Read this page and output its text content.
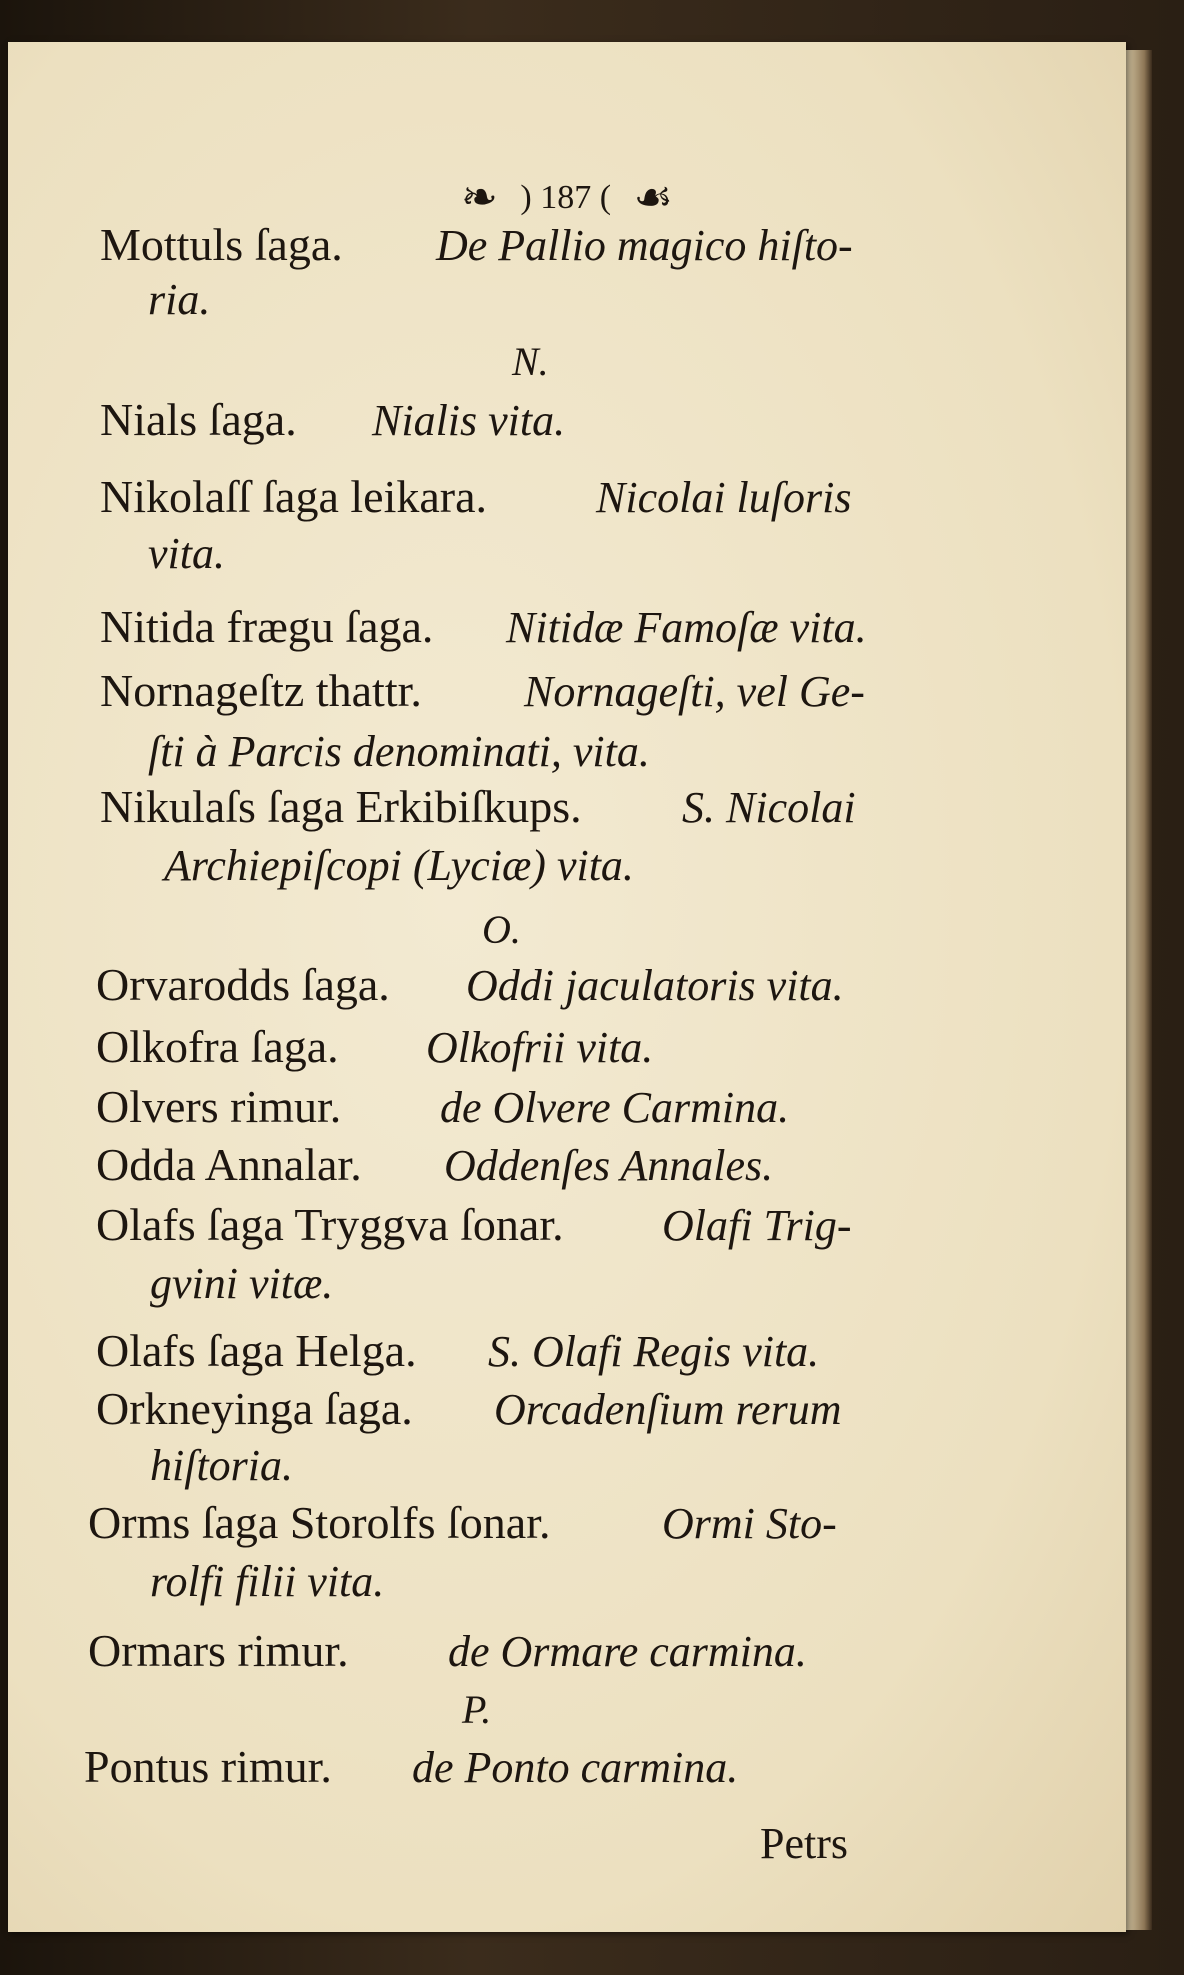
❧ ) 187 ( ☙
Mottuls ſaga. De Pallio magico hiſto-
ria.
N.
Nials ſaga. Nialis vita.
Nikolaſſ ſaga leikara. Nicolai luſoris
vita.
Nitida frægu ſaga. Nitidæ Famoſæ vita.
Nornageſtz thattr. Nornageſti, vel Ge-
ſti à Parcis denominati, vita.
Nikulaſs ſaga Erkibiſkups. S. Nicolai
Archiepiſcopi (Lyciæ) vita.
O.
Orvarodds ſaga. Oddi jaculatoris vita.
Olkofra ſaga. Olkofrii vita.
Olvers rimur. de Olvere Carmina.
Odda Annalar. Oddenſes Annales.
Olafs ſaga Tryggva ſonar. Olafi Trig-
gvini vitæ.
Olafs ſaga Helga. S. Olafi Regis vita.
Orkneyinga ſaga. Orcadenſium rerum
hiſtoria.
Orms ſaga Storolfs ſonar.	Ormi Sto-
rolfi filii vita.
Ormars rimur. de Ormare carmina.
P.
Pontus rimur. de Ponto carmina.
Petrs
